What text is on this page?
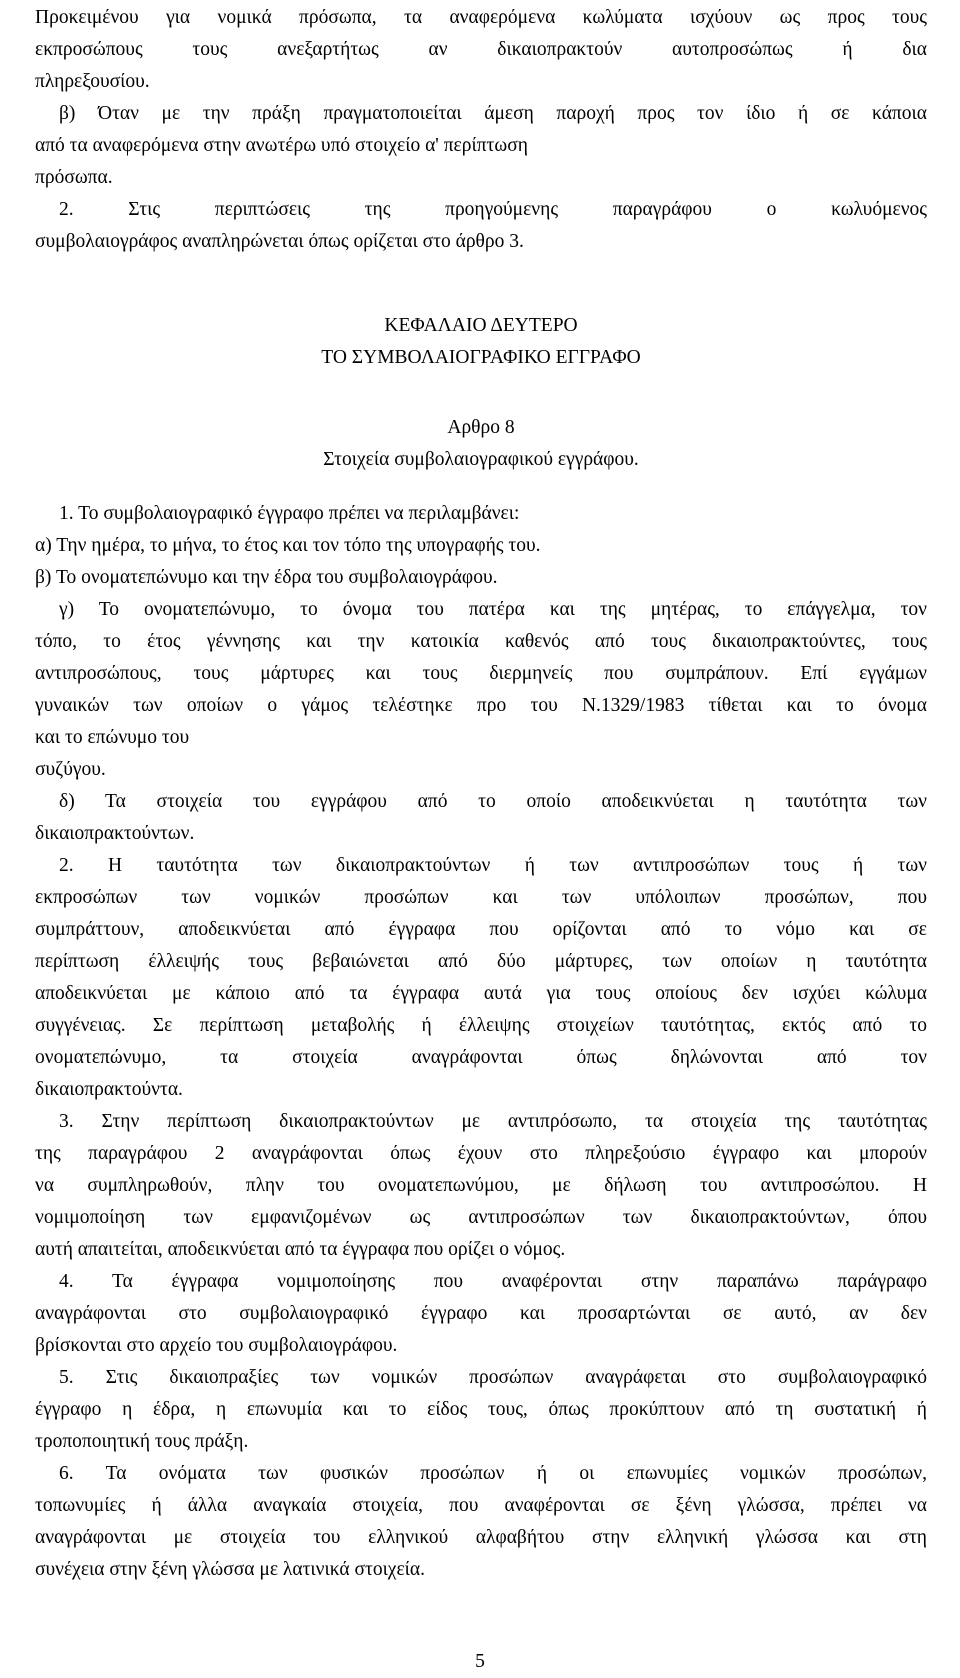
Προκειμένου για νομικά πρόσωπα, τα αναφερόμενα κωλύματα ισχύουν ως προς τους
εκπροσώπους τους ανεξαρτήτως αν δικαιοπρακτούν αυτοπροσώπως ή δια
πληρεξουσίου.
β) Όταν με την πράξη πραγματοποιείται άμεση παροχή προς τον ίδιο ή σε κάποια
από τα αναφερόμενα στην ανωτέρω υπό στοιχείο α' περίπτωση
πρόσωπα.
2. Στις περιπτώσεις της προηγούμενης παραγράφου ο κωλυόμενος
συμβολαιογράφος αναπληρώνεται όπως ορίζεται στο άρθρο 3.
ΚΕΦΑΛΑΙΟ ΔΕΥΤΕΡΟ
ΤΟ ΣΥΜΒΟΛΑΙΟΓΡΑΦΙΚΟ ΕΓΓΡΑΦΟ
Αρθρο 8
Στοιχεία συμβολαιογραφικού εγγράφου.
1. Το συμβολαιογραφικό έγγραφο πρέπει να περιλαμβάνει:
α) Την ημέρα, το μήνα, το έτος και τον τόπο της υπογραφής του.
β) Το ονοματεπώνυμο και την έδρα του συμβολαιογράφου.
γ) Το ονοματεπώνυμο, το όνομα του πατέρα και της μητέρας, το επάγγελμα, τον
τόπο, το έτος γέννησης και την κατοικία καθενός από τους δικαιοπρακτούντες, τους
αντιπροσώπους, τους μάρτυρες και τους διερμηνείς που συμπράπουν. Επί εγγάμων
γυναικών των οποίων ο γάμος τελέστηκε προ του Ν.1329/1983 τίθεται και το όνομα
και το επώνυμο του
συζύγου.
δ) Τα στοιχεία του εγγράφου από το οποίο αποδεικνύεται η ταυτότητα των
δικαιοπρακτούντων.
2. Η ταυτότητα των δικαιοπρακτούντων ή των αντιπροσώπων τους ή των
εκπροσώπων των νομικών προσώπων και των υπόλοιπων προσώπων, που
συμπράττουν, αποδεικνύεται από έγγραφα που ορίζονται από το νόμο και σε
περίπτωση έλλειψής τους βεβαιώνεται από δύο μάρτυρες, των οποίων η ταυτότητα
αποδεικνύεται με κάποιο από τα έγγραφα αυτά για τους οποίους δεν ισχύει κώλυμα
συγγένειας. Σε περίπτωση μεταβολής ή έλλειψης στοιχείων ταυτότητας, εκτός από το
ονοματεπώνυμο, τα στοιχεία αναγράφονται όπως δηλώνονται από τον
δικαιοπρακτούντα.
3. Στην περίπτωση δικαιοπρακτούντων με αντιπρόσωπο, τα στοιχεία της ταυτότητας
της παραγράφου 2 αναγράφονται όπως έχουν στο πληρεξούσιο έγγραφο και μπορούν
να συμπληρωθούν, πλην του ονοματεπωνύμου, με δήλωση του αντιπροσώπου. Η
νομιμοποίηση των εμφανιζομένων ως αντιπροσώπων των δικαιοπρακτούντων, όπου
αυτή απαιτείται, αποδεικνύεται από τα έγγραφα που ορίζει ο νόμος.
4. Τα έγγραφα νομιμοποίησης που αναφέρονται στην παραπάνω παράγραφο
αναγράφονται στο συμβολαιογραφικό έγγραφο και προσαρτώνται σε αυτό, αν δεν
βρίσκονται στο αρχείο του συμβολαιογράφου.
5. Στις δικαιοπραξίες των νομικών προσώπων αναγράφεται στο συμβολαιογραφικό
έγγραφο η έδρα, η επωνυμία και το είδος τους, όπως προκύπτουν από τη συστατική ή
τροποποιητική τους πράξη.
6. Τα ονόματα των φυσικών προσώπων ή οι επωνυμίες νομικών προσώπων,
τοπωνυμίες ή άλλα αναγκαία στοιχεία, που αναφέρονται σε ξένη γλώσσα, πρέπει να
αναγράφονται με στοιχεία του ελληνικού αλφαβήτου στην ελληνική γλώσσα και στη
συνέχεια στην ξένη γλώσσα με λατινικά στοιχεία.
5
